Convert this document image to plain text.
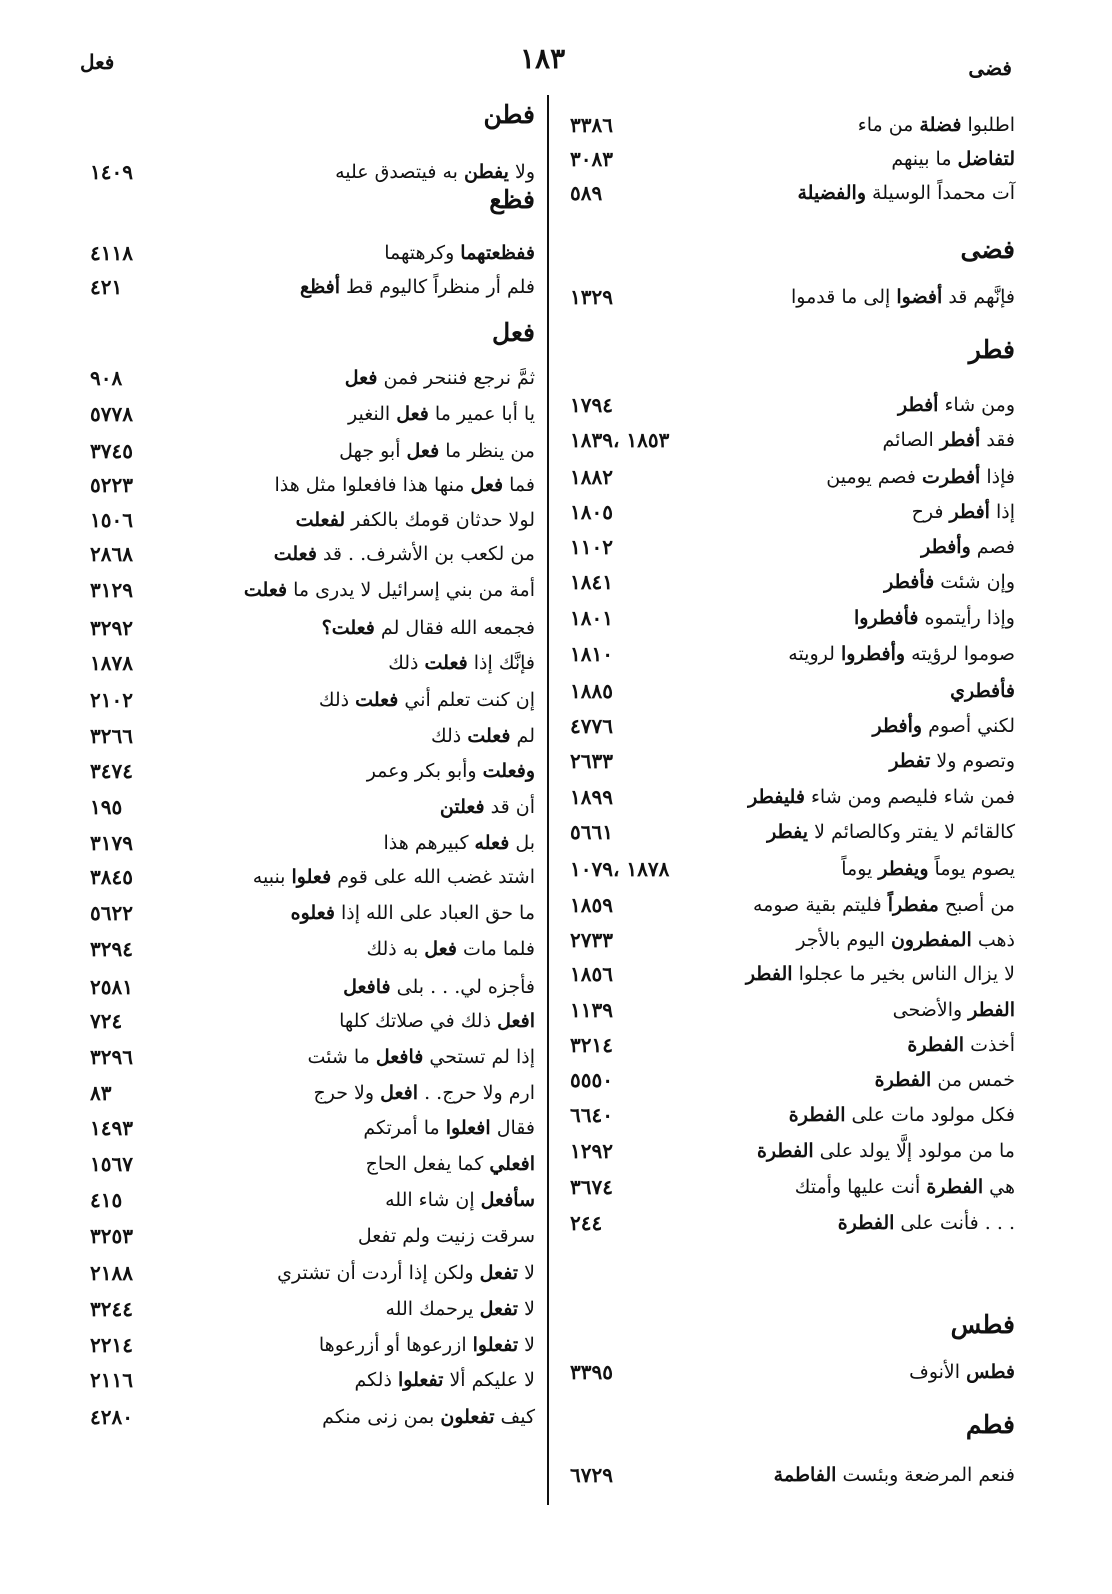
فعل	١٨٣	فضى
اطلبوا فضلة من ماء
٣٣٨٦
لتفاضل ما بينهم
٣٠٨٣
آت محمداً الوسيلة والفضيلة
٥٨٩
فضى
فإنَّهم قد أفضوا إلى ما قدموا
١٣٢٩
فطر
ومن شاء أفطر
١٧٩٤
فقد أفطر الصائم
١٨٥٣ ،١٨٣٩
فإذا أفطرت فصم يومين
١٨٨٢
إذا أفطر فرح
١٨٠٥
فصم وأفطر
١١٠٢
وإن شئت فأفطر
١٨٤١
وإذا رأيتموه فأفطروا
١٨٠١
صوموا لرؤيته وأفطروا لرويته
١٨١٠
فأفطري
١٨٨٥
لكني أصوم وأفطر
٤٧٧٦
وتصوم ولا تفطر
٢٦٣٣
فمن شاء فليصم ومن شاء فليفطر
١٨٩٩
كالقائم لا يفتر وكالصائم لا يفطر
٥٦٦١
يصوم يوماً ويفطر يوماً
١٨٧٨ ،١٠٧٩
من أصبح مفطراً فليتم بقية صومه
١٨٥٩
ذهب المفطرون اليوم بالأجر
٢٧٣٣
لا يزال الناس بخير ما عجلوا الفطر
١٨٥٦
الفطر والأضحى
١١٣٩
أخذت الفطرة
٣٢١٤
خمس من الفطرة
٥٥٥٠
فكل مولود مات على الفطرة
٦٦٤٠
ما من مولود إلَّا يولد على الفطرة
١٢٩٢
هي الفطرة أنت عليها وأمتك
٣٦٧٤
. . . فأنت على الفطرة
٢٤٤
فطس
فطس الأنوف
٣٣٩٥
فطم
فنعم المرضعة وبئست الفاطمة
٦٧٢٩
فطن
ولا يفطن به فيتصدق عليه
١٤٠٩
فظع
ففظعتهما وكرهتهما
٤١١٨
فلم أر منظراً كاليوم قط أفظع
٤٢١
فعل
ثمَّ نرجع فننحر فمن فعل
٩٠٨
يا أبا عمير ما فعل النغير
٥٧٧٨
من ينظر ما فعل أبو جهل
٣٧٤٥
فما فعل منها هذا فافعلوا مثل هذا
٥٢٢٣
لولا حدثان قومك بالكفر لفعلت
١٥٠٦
من لكعب بن الأشرف. . قد فعلت
٢٨٦٨
أمة من بني إسرائيل لا يدرى ما فعلت
٣١٢٩
فجمعه الله فقال لم فعلت؟
٣٢٩٢
فإنَّك إذا فعلت ذلك
١٨٧٨
إن كنت تعلم أني فعلت ذلك
٢١٠٢
لم فعلت ذلك
٣٢٦٦
وفعلت وأبو بكر وعمر
٣٤٧٤
أن قد فعلتن
١٩٥
بل فعله كبيرهم هذا
٣١٧٩
اشتد غضب الله على قوم فعلوا بنبيه
٣٨٤٥
ما حق العباد على الله إذا فعلوه
٥٦٢٢
فلما مات فعل به ذلك
٣٢٩٤
فأجزه لي. . . بلى فافعل
٢٥٨١
افعل ذلك في صلاتك كلها
٧٢٤
إذا لم تستحي فافعل ما شئت
٣٢٩٦
ارم ولا حرج. . افعل ولا حرج
٨٣
فقال افعلوا ما أمرتكم
١٤٩٣
افعلي كما يفعل الحاج
١٥٦٧
سأفعل إن شاء الله
٤١٥
سرقت زنيت ولم تفعل
٣٢٥٣
لا تفعل ولكن إذا أردت أن تشتري
٢١٨٨
لا تفعل يرحمك الله
٣٢٤٤
لا تفعلوا ازرعوها أو أزرعوها
٢٢١٤
لا عليكم ألا تفعلوا ذلكم
٢١١٦
كيف تفعلون بمن زنى منكم
٤٢٨٠
